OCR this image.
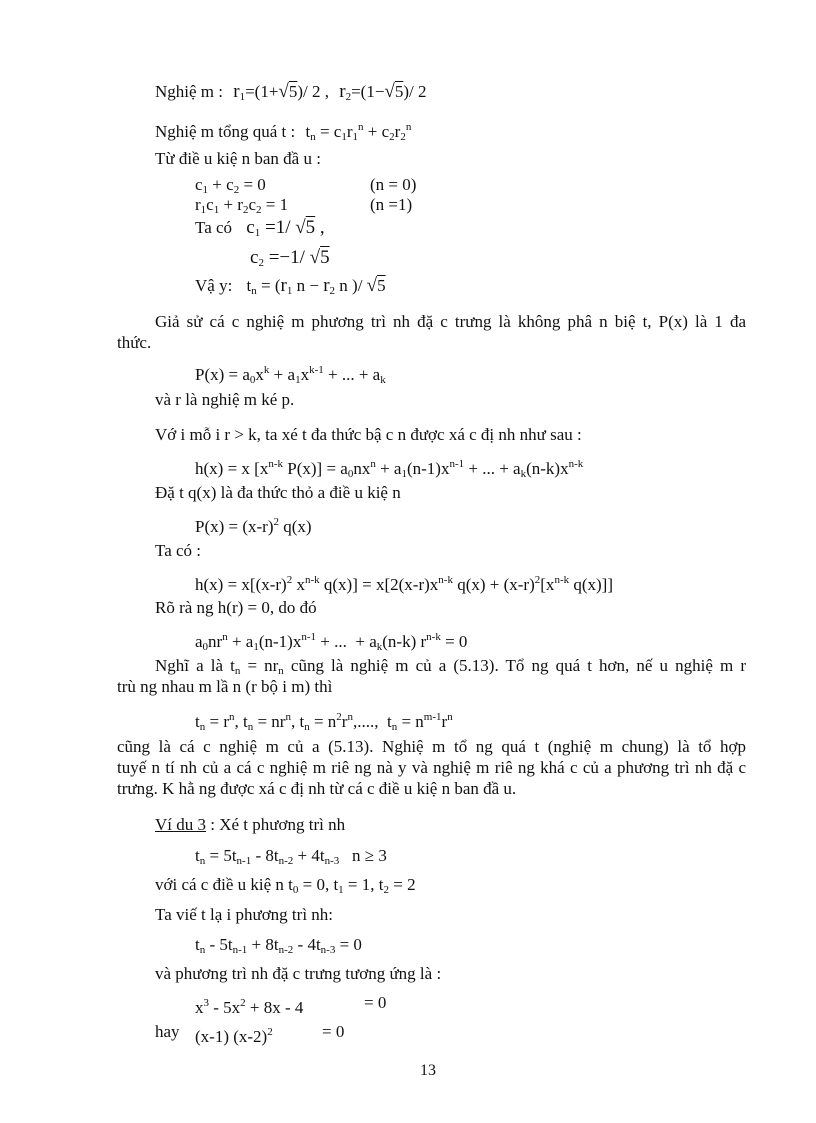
Nghiệ m : $r_1=(1+√5)/$ 2 , $r_2=(1-√5)/$ 2
Nghiệ m tổng quá t : $t_n = c_1r_1^n + c_2r_2^n$
Từ điề u kiệ n ban đầ u :
$c_1 + c_2 = 0$	(n = 0)
$r_1c_1 + r_2c_2 = 1$	(n =1)
Ta có $c_1 =1/$ √5 ,
$c_2 =-1/$ √5
Vậ y: $t_n = (r_1$ $n - r_2$ n )/ √5
Giả sử cá c nghiệ m phương trì nh đặ c trưng là không phâ n biệ t, P(x) là 1 đa
thức.
$P(x) = a_0x^k + a_1x^{k-1}$ + ... + $a_k$
và r là nghiệ m ké p.
Vớ i mỗ i r > k, ta xé t đa thức bậ c n được xá c đị nh như sau :
h(x) = x [$x^{n-k}$ $P(x)] = a_0nx^n + a_1(n-1)x^{n-1}$ + ... + $a_k(n-k)x^{n-k}$
Đặ t q(x) là đa thức thỏ a điề u kiệ n
$P(x) = (x-r)^2$ q(x)
Ta có :
$h(x) = x[(x-r)^2$ $x^{n-k}$ $q(x)] = x[2(x-r)x^{n-k}$ $q(x) + (x-r)^2[x^{n-k}$ q(x)]]
Rõ rà ng h(r) = 0, do đó
$a_0nr^n + a_1(n-1)x^{n-1}$ + ...  + $a_k(n-k) r^{n-k} = 0$
Nghĩ a là $t_n = nr_n$ cũng là nghiệ m củ a (5.13). Tổ ng quá t hơn, nế u nghiệ m r
trù ng nhau m lầ n (r bộ i m) thì
$t_n = r^n$, $t_n = nr^n$, $t_n = n^2r^n$,....,  $t_n = n^{m-1}r^n$
cũng là cá c nghiệ m củ a (5.13). Nghiệ m tổ ng quá t (nghiệ m chung) là tổ hợp
tuyế n tí nh củ a cá c nghiệ m riê ng nà y và nghiệ m riê ng khá c củ a phương trì nh đặ c
trưng. K hằ ng được xá c đị nh từ cá c điề u kiệ n ban đầ u.
Ví du 3 : Xé t phương trì nh
$t_n = 5t_{n-1} - 8t_{n-2} + 4t_{n-3}$   n ≥ 3
với cá c điề u kiệ n $t_0 = 0$, $t_1 = 1$, $t_2 = 2$
Ta viế t lạ i phương trì nh:
$t_n - 5t_{n-1} + 8t_{n-2} - 4t_{n-3} = 0$
và phương trì nh đặ c trưng tương ứng là :
$x^3 - 5x^2 + 8x - 4$	= 0
hay (x-1) $(x-2)^2$	= 0
13
